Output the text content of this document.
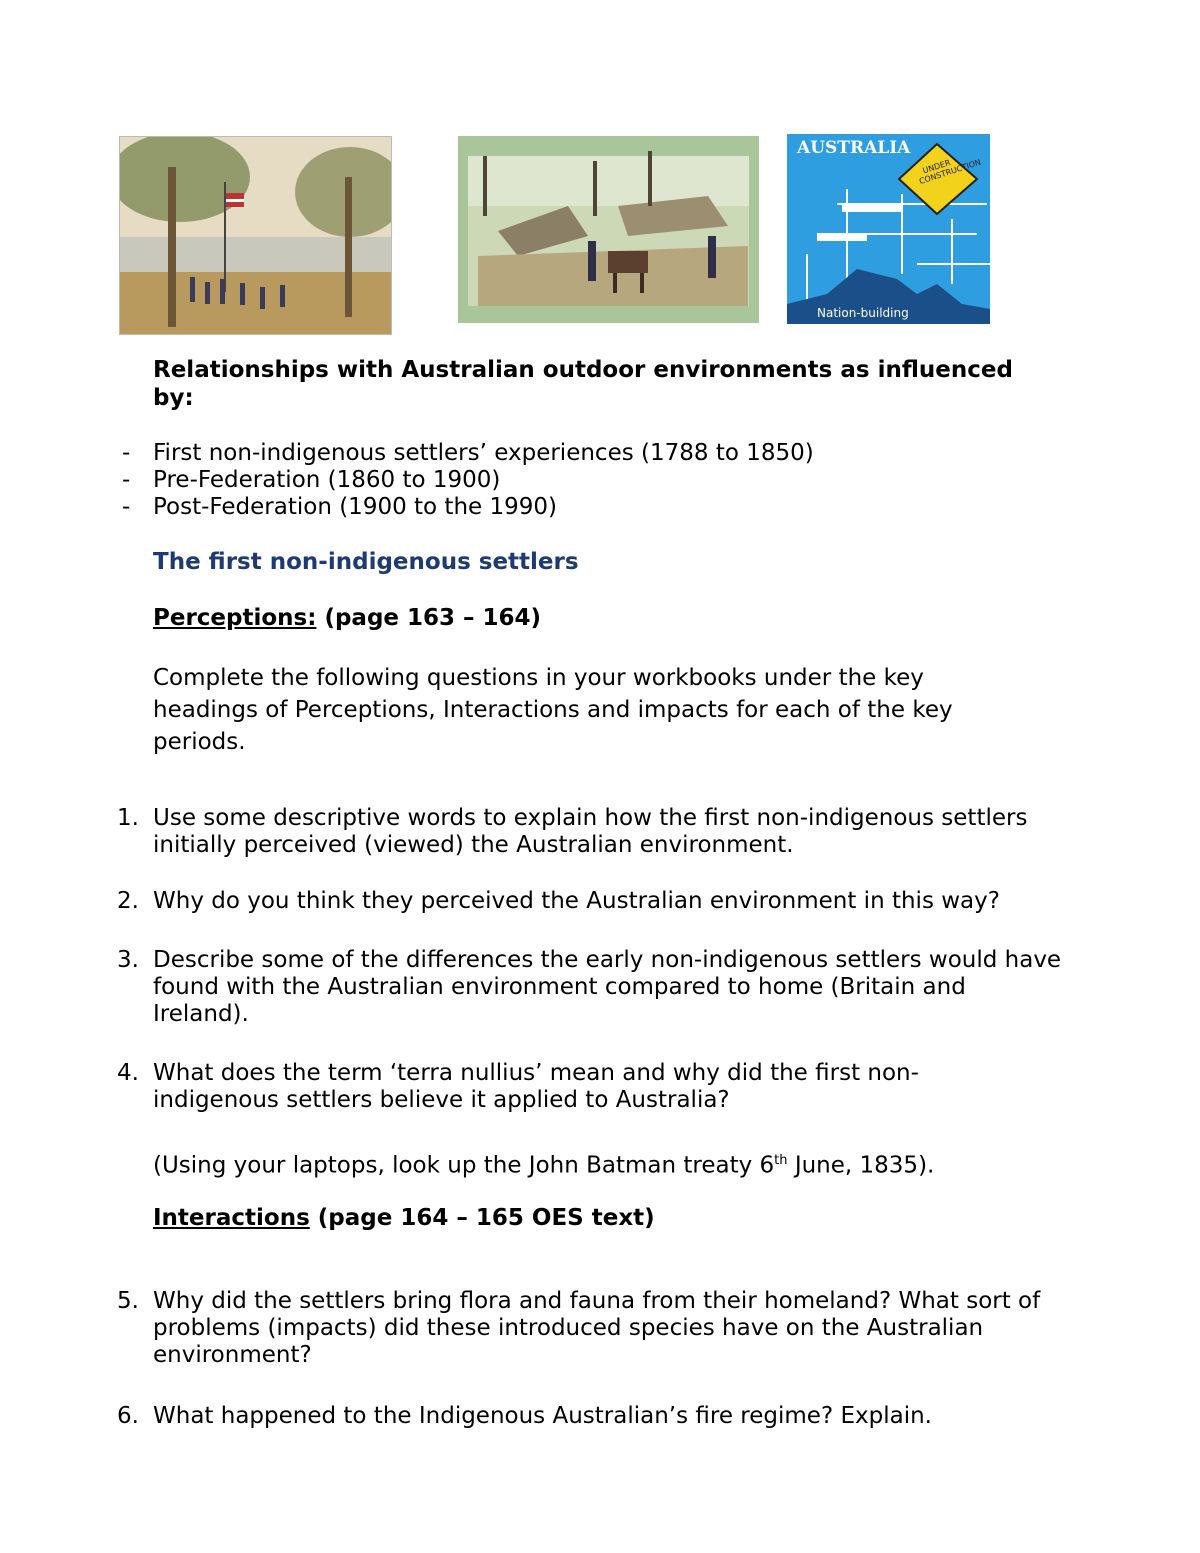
AUSTRALIA
UNDER CONSTRUCTION
Nation-building
Relationships with Australian outdoor environments as influenced by:
- First non-indigenous settlers’ experiences (1788 to 1850)
- Pre-Federation (1860 to 1900)
- Post-Federation (1900 to the 1990)
The first non-indigenous settlers
Perceptions: (page 163 – 164)
Complete the following questions in your workbooks under the key headings of Perceptions, Interactions and impacts for each of the key periods.
1. Use some descriptive words to explain how the first non-indigenous settlers initially perceived (viewed) the Australian environment.
2. Why do you think they perceived the Australian environment in this way?
3. Describe some of the differences the early non-indigenous settlers would have found with the Australian environment compared to home (Britain and Ireland).
4. What does the term ‘terra nullius’ mean and why did the first non-indigenous settlers believe it applied to Australia?
(Using your laptops, look up the John Batman treaty 6th June, 1835).
Interactions (page 164 – 165 OES text)
5. Why did the settlers bring flora and fauna from their homeland? What sort of problems (impacts) did these introduced species have on the Australian environment?
6. What happened to the Indigenous Australian’s fire regime? Explain.
